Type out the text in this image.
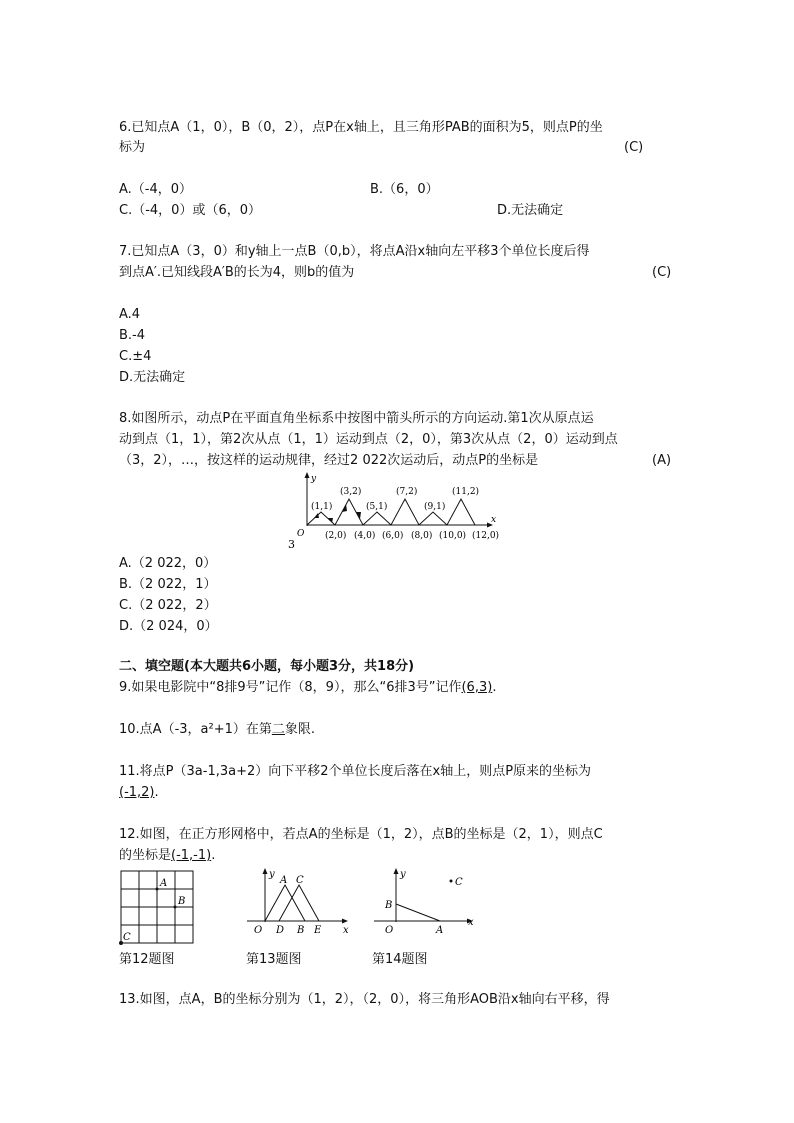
6.已知点A（1，0），B（0，2），点P在x轴上，且三角形PAB的面积为5，则点P的坐
标为	(C)
A.（-4，0）	B.（6，0）
C.（-4，0）或（6，0）	D.无法确定
7.已知点A（3，0）和y轴上一点B（0,b），将点A沿x轴向左平移3个单位长度后得
到点A′.已知线段A′B的长为4，则b的值为	(C)
A.4
B.-4
C.±4
D.无法确定
8.如图所示，动点P在平面直角坐标系中按图中箭头所示的方向运动.第1次从原点运
动到点（1，1），第2次从点（1，1）运动到点（2，0），第3次从点（2，0）运动到点
（3，2），…，按这样的运动规律，经过2 022次运动后，动点P的坐标是	(A)
y
x
O
3
(1,1)
(3,2)
(5,1)
(7,2)
(9,1)
(11,2)
(2,0) (4,0) (6,0) (8,0) (10,0) (12,0)
A.（2 022，0）
B.（2 022，1）
C.（2 022，2）
D.（2 024，0）
二、填空题(本大题共6小题，每小题3分，共18分)
9.如果电影院中“8排9号”记作（8，9），那么“6排3号”记作(6,3).
10.点A（-3，a²+1）在第二象限.
11.将点P（3a-1,3a+2）向下平移2个单位长度后落在x轴上，则点P原来的坐标为
(-1,2).
12.如图，在正方形网格中，若点A的坐标是（1，2），点B的坐标是（2，1），则点C
的坐标是(-1,-1).
A
B
C
第12题图
y
x
O
A C
D B E
第13题图
y
x
O
B
A
C
第14题图
13.如图，点A，B的坐标分别为（1，2），（2，0），将三角形AOB沿x轴向右平移，得
